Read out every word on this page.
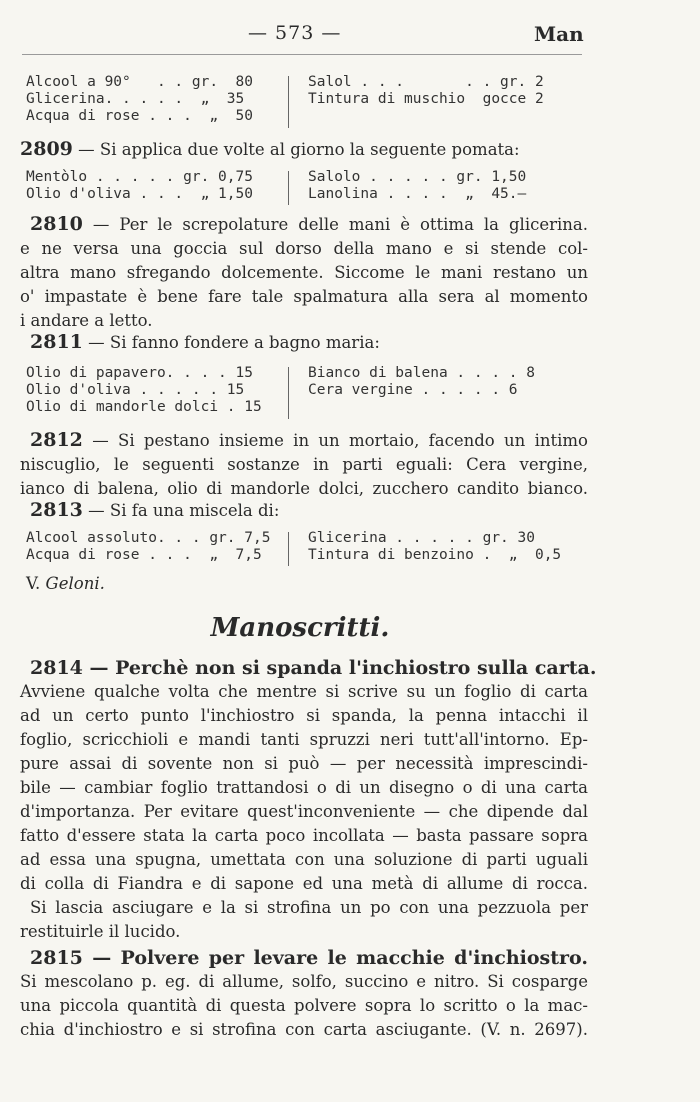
— 573 —	Man
Alcool a 90°   . . gr.  80
Glicerina. . . . .  „  35
Acqua di rose . . .  „  50
Salol . . .       . . gr. 2
Tintura di muschio  gocce 2

2809 — Si applica due volte al giorno la seguente pomata:

Mentòlo . . . . . gr. 0,75
Olio d'oliva . . .  „ 1,50
Salolo . . . . . gr. 1,50
Lanolina . . . .  „  45.—
2810 — Per le screpolature delle mani è ottima la glicerina.
e ne versa una goccia sul dorso della mano e si stende col-
altra mano sfregando dolcemente. Siccome le mani restano un
o' impastate è bene fare tale spalmatura alla sera al momento
i andare a letto.

2811 — Si fanno fondere a bagno maria:

Olio di papavero. . . . 15
Olio d'oliva . . . . . 15
Olio di mandorle dolci . 15
Bianco di balena . . . . 8
Cera vergine . . . . . 6
2812 — Si pestano insieme in un mortaio, facendo un intimo
niscuglio, le seguenti sostanze in parti eguali: Cera vergine,
ianco di balena, olio di mandorle dolci, zucchero candito bianco.

2813 — Si fa una miscela di:

Alcool assoluto. . . gr. 7,5
Acqua di rose . . .  „  7,5
Glicerina . . . . . gr. 30
Tintura di benzoino .  „  0,5
V. Geloni.
Manoscritti.
2814 — Perchè non si spanda l'inchiostro sulla carta.
Avviene qualche volta che mentre si scrive su un foglio di carta
ad un certo punto l'inchiostro si spanda, la penna intacchi il
foglio, scricchioli e mandi tanti spruzzi neri tutt'all'intorno. Ep-
pure assai di sovente non si può — per necessità imprescindi-
bile — cambiar foglio trattandosi o di un disegno o di una carta
d'importanza. Per evitare quest'inconveniente — che dipende dal
fatto d'essere stata la carta poco incollata — basta passare sopra
ad essa una spugna, umettata con una soluzione di parti uguali
di colla di Fiandra e di sapone ed una metà di allume di rocca.
Si lascia asciugare e la si strofina un po con una pezzuola per
restituirle il lucido.
2815 — Polvere per levare le macchie d'inchiostro.
Si mescolano p. eg. di allume, solfo, succino e nitro. Si cosparge
una piccola quantità di questa polvere sopra lo scritto o la mac-
chia d'inchiostro e si strofina con carta asciugante. (V. n. 2697).
